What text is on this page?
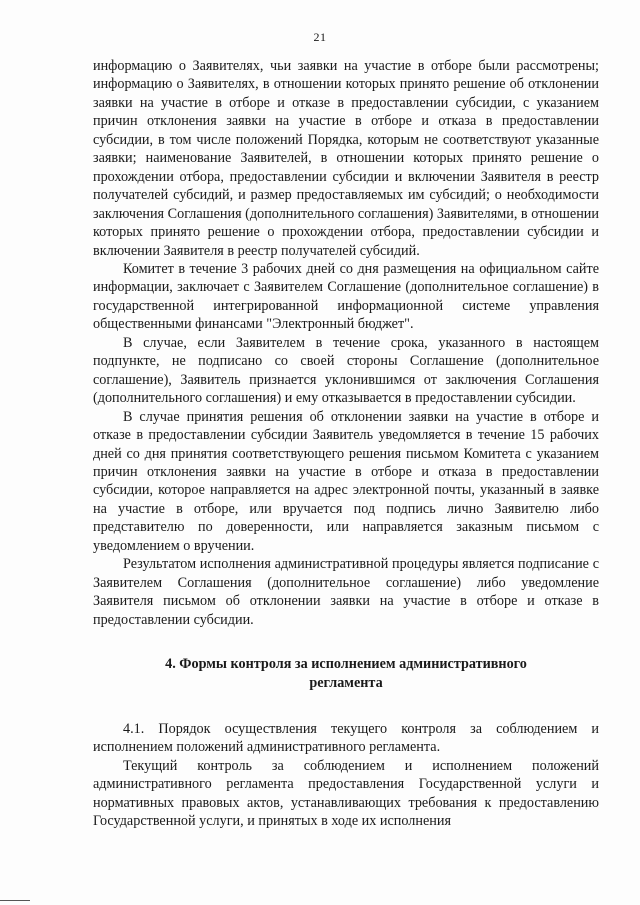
21

информацию о Заявителях, чьи заявки на участие в отборе были рассмотрены; информацию о Заявителях, в отношении которых принято решение об отклонении заявки на участие в отборе и отказе в предоставлении субсидии, с указанием причин отклонения заявки на участие в отборе и отказа в предоставлении субсидии, в том числе положений Порядка, которым не соответствуют указанные заявки; наименование Заявителей, в отношении которых принято решение о прохождении отбора, предоставлении субсидии и включении Заявителя в реестр получателей субсидий, и размер предоставляемых им субсидий; о необходимости заключения Соглашения (дополнительного соглашения) Заявителями, в отношении которых принято решение о прохождении отбора, предоставлении субсидии и включении Заявителя в реестр получателей субсидий.

Комитет в течение 3 рабочих дней со дня размещения на официальном сайте информации, заключает с Заявителем Соглашение (дополнительное соглашение) в государственной интегрированной информационной системе управления общественными финансами "Электронный бюджет".

В случае, если Заявителем в течение срока, указанного в настоящем подпункте, не подписано со своей стороны Соглашение (дополнительное соглашение), Заявитель признается уклонившимся от заключения Соглашения (дополнительного соглашения) и ему отказывается в предоставлении субсидии.

В случае принятия решения об отклонении заявки на участие в отборе и отказе в предоставлении субсидии Заявитель уведомляется в течение 15 рабочих дней со дня принятия соответствующего решения письмом Комитета с указанием причин отклонения заявки на участие в отборе и отказа в предоставлении субсидии, которое направляется на адрес электронной почты, указанный в заявке на участие в отборе, или вручается под подпись лично Заявителю либо представителю по доверенности, или направляется заказным письмом с уведомлением о вручении.

Результатом исполнения административной процедуры является подписание с Заявителем Соглашения (дополнительное соглашение) либо уведомление Заявителя письмом об отклонении заявки на участие в отборе и отказе в предоставлении субсидии.

4. Формы контроля за исполнением административного регламента

4.1. Порядок осуществления текущего контроля за соблюдением и исполнением положений административного регламента.

Текущий контроль за соблюдением и исполнением положений административного регламента предоставления Государственной услуги и нормативных правовых актов, устанавливающих требования к предоставлению Государственной услуги, и принятых в ходе их исполнения
